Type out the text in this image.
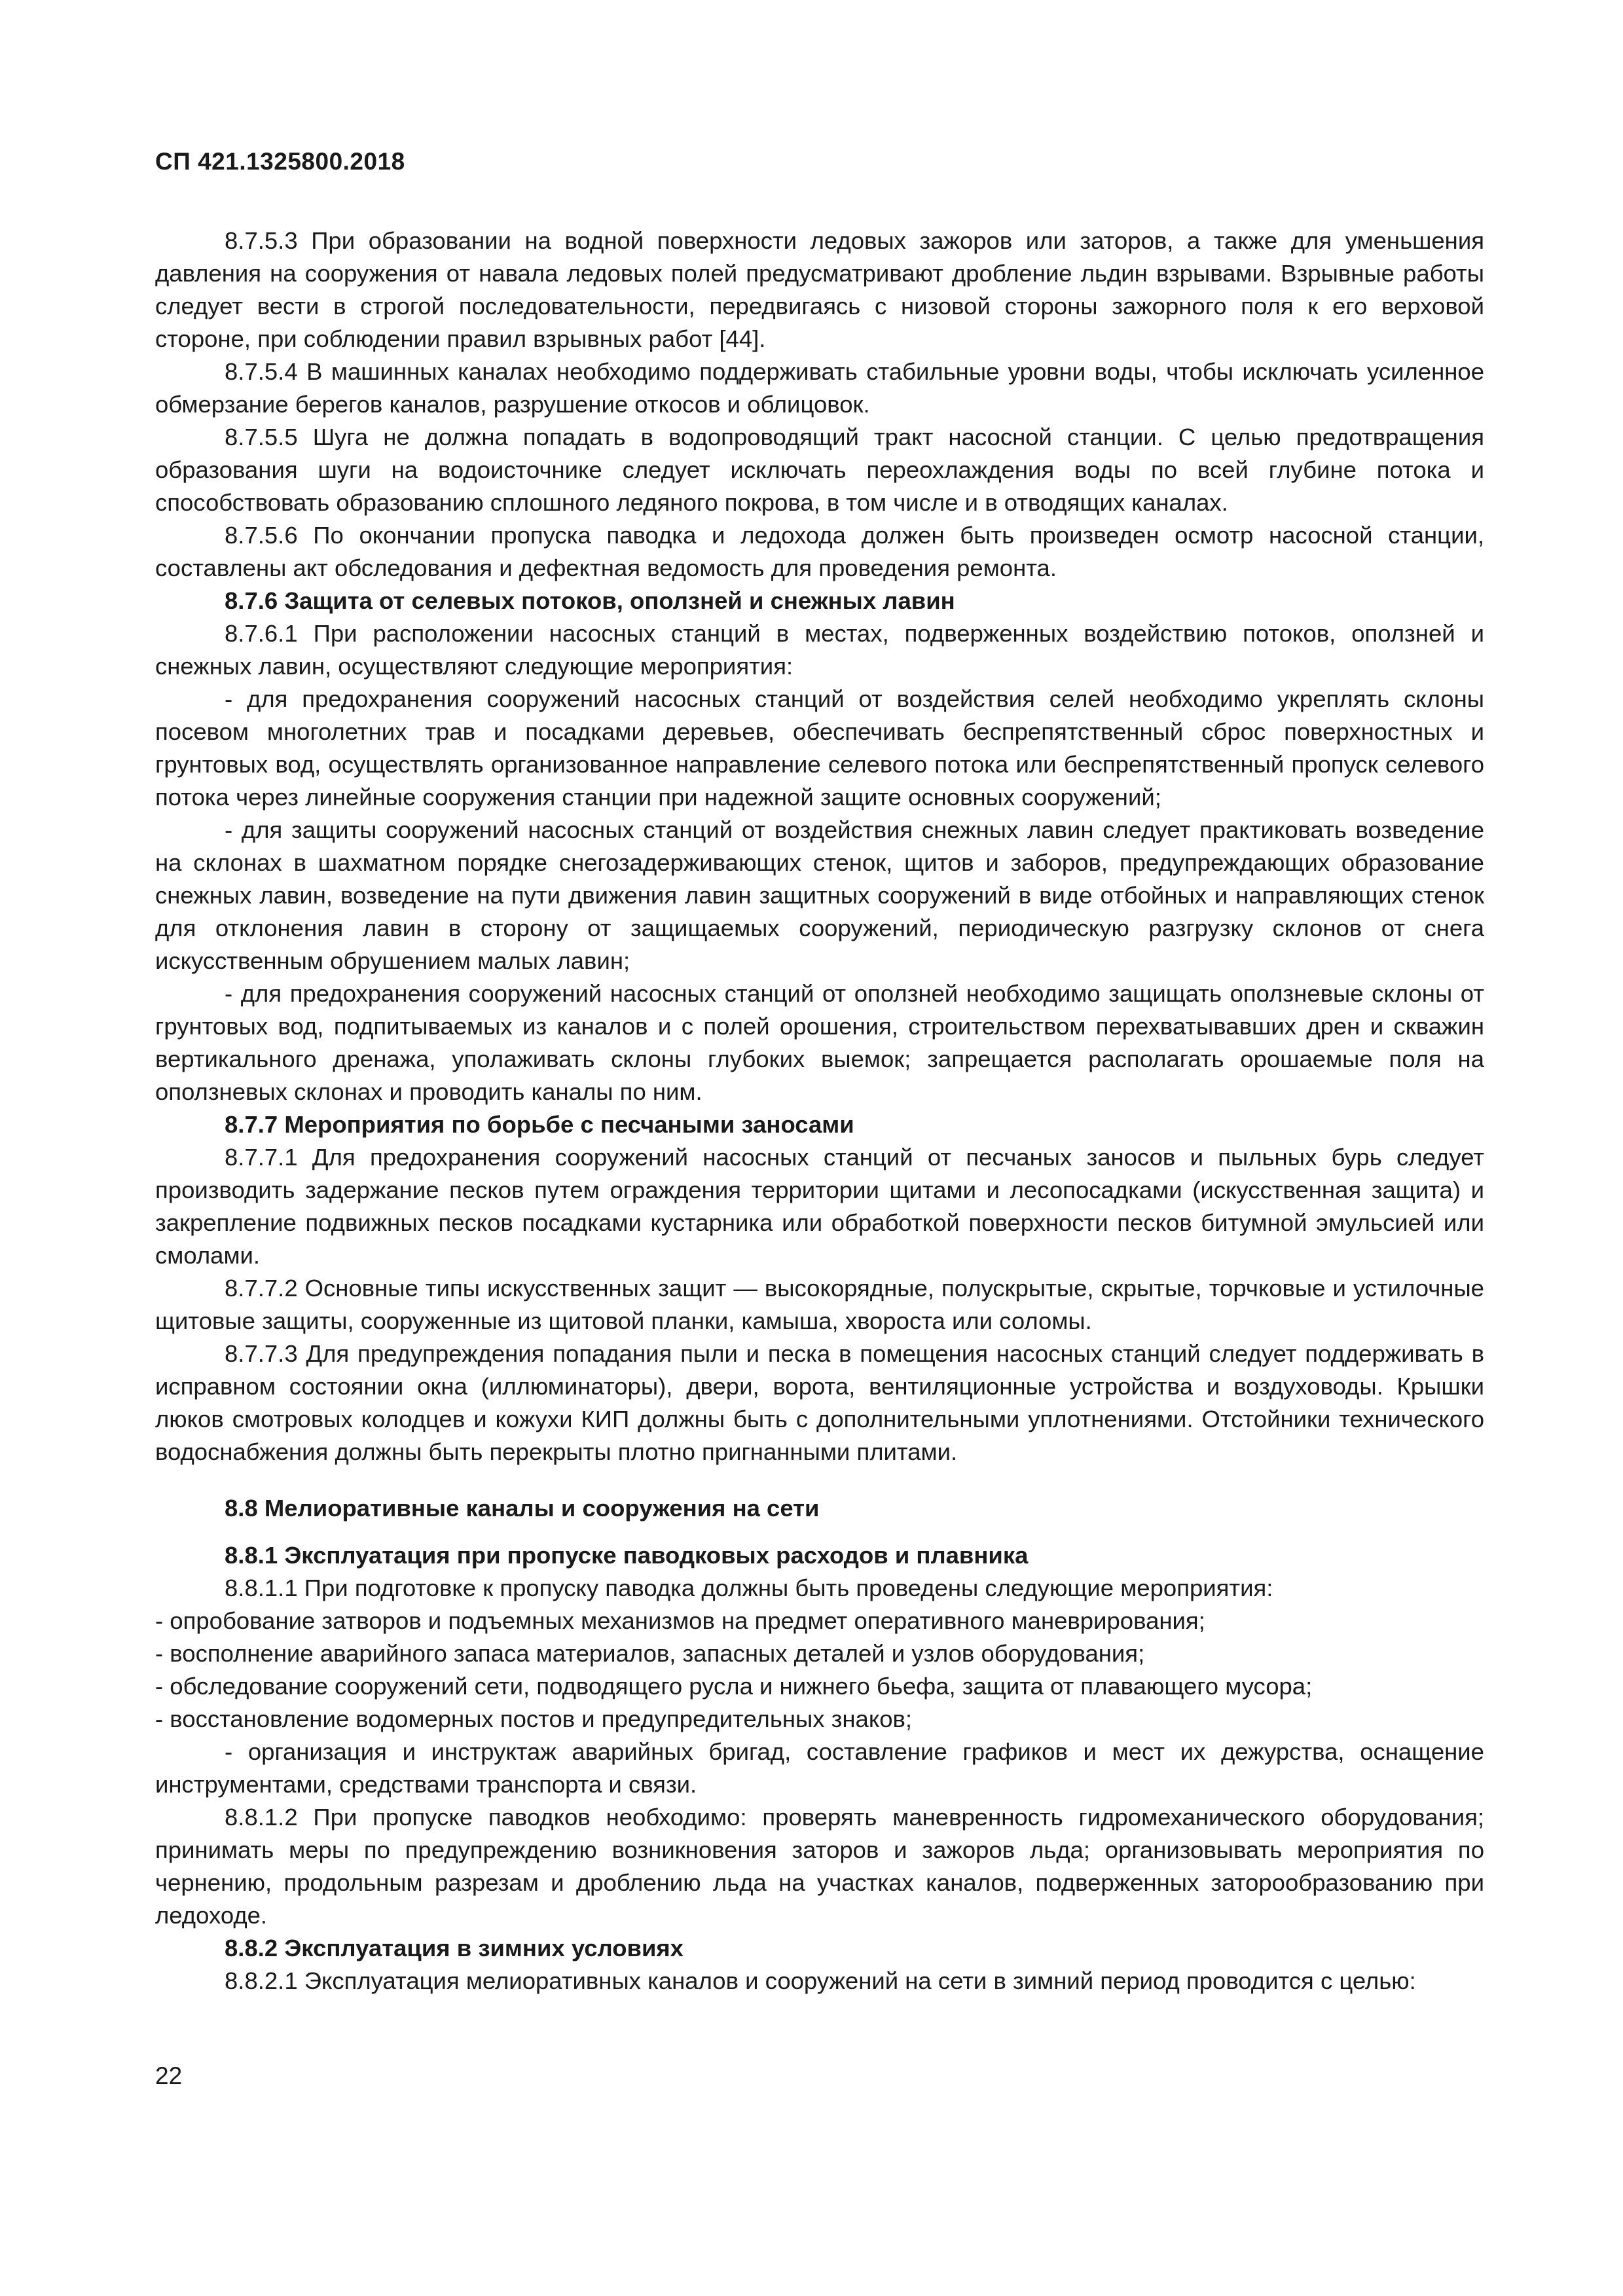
СП 421.1325800.2018

8.7.5.3 При образовании на водной поверхности ледовых зажоров или заторов, а также для уменьшения давления на сооружения от навала ледовых полей предусматривают дробление льдин взрывами. Взрывные работы следует вести в строгой последовательности, передвигаясь с низовой стороны зажорного поля к его верховой стороне, при соблюдении правил взрывных работ [44].

8.7.5.4 В машинных каналах необходимо поддерживать стабильные уровни воды, чтобы исключать усиленное обмерзание берегов каналов, разрушение откосов и облицовок.

8.7.5.5 Шуга не должна попадать в водопроводящий тракт насосной станции. С целью предотвращения образования шуги на водоисточнике следует исключать переохлаждения воды по всей глубине потока и способствовать образованию сплошного ледяного покрова, в том числе и в отводящих каналах.

8.7.5.6 По окончании пропуска паводка и ледохода должен быть произведен осмотр насосной станции, составлены акт обследования и дефектная ведомость для проведения ремонта.

8.7.6 Защита от селевых потоков, оползней и снежных лавин

8.7.6.1 При расположении насосных станций в местах, подверженных воздействию потоков, оползней и снежных лавин, осуществляют следующие мероприятия:

- для предохранения сооружений насосных станций от воздействия селей необходимо укреплять склоны посевом многолетних трав и посадками деревьев, обеспечивать беспрепятственный сброс поверхностных и грунтовых вод, осуществлять организованное направление селевого потока или беспрепятственный пропуск селевого потока через линейные сооружения станции при надежной защите основных сооружений;

- для защиты сооружений насосных станций от воздействия снежных лавин следует практиковать возведение на склонах в шахматном порядке снегозадерживающих стенок, щитов и заборов, предупреждающих образование снежных лавин, возведение на пути движения лавин защитных сооружений в виде отбойных и направляющих стенок для отклонения лавин в сторону от защищаемых сооружений, периодическую разгрузку склонов от снега искусственным обрушением малых лавин;

- для предохранения сооружений насосных станций от оползней необходимо защищать оползневые склоны от грунтовых вод, подпитываемых из каналов и с полей орошения, строительством перехватывавших дрен и скважин вертикального дренажа, уполаживать склоны глубоких выемок; запрещается располагать орошаемые поля на оползневых склонах и проводить каналы по ним.

8.7.7 Мероприятия по борьбе с песчаными заносами

8.7.7.1 Для предохранения сооружений насосных станций от песчаных заносов и пыльных бурь следует производить задержание песков путем ограждения территории щитами и лесопосадками (искусственная защита) и закрепление подвижных песков посадками кустарника или обработкой поверхности песков битумной эмульсией или смолами.

8.7.7.2 Основные типы искусственных защит — высокорядные, полускрытые, скрытые, торчковые и устилочные щитовые защиты, сооруженные из щитовой планки, камыша, хвороста или соломы.

8.7.7.3 Для предупреждения попадания пыли и песка в помещения насосных станций следует поддерживать в исправном состоянии окна (иллюминаторы), двери, ворота, вентиляционные устройства и воздуховоды. Крышки люков смотровых колодцев и кожухи КИП должны быть с дополнительными уплотнениями. Отстойники технического водоснабжения должны быть перекрыты плотно пригнанными плитами.

8.8 Мелиоративные каналы и сооружения на сети

8.8.1 Эксплуатация при пропуске паводковых расходов и плавника

8.8.1.1 При подготовке к пропуску паводка должны быть проведены следующие мероприятия:

- опробование затворов и подъемных механизмов на предмет оперативного маневрирования;

- восполнение аварийного запаса материалов, запасных деталей и узлов оборудования;

- обследование сооружений сети, подводящего русла и нижнего бьефа, защита от плавающего мусора;

- восстановление водомерных постов и предупредительных знаков;

- организация и инструктаж аварийных бригад, составление графиков и мест их дежурства, оснащение инструментами, средствами транспорта и связи.

8.8.1.2 При пропуске паводков необходимо: проверять маневренность гидромеханического оборудования; принимать меры по предупреждению возникновения заторов и зажоров льда; организовывать мероприятия по чернению, продольным разрезам и дроблению льда на участках каналов, подверженных заторообразованию при ледоходе.

8.8.2 Эксплуатация в зимних условиях

8.8.2.1 Эксплуатация мелиоративных каналов и сооружений на сети в зимний период проводится с целью:

22
